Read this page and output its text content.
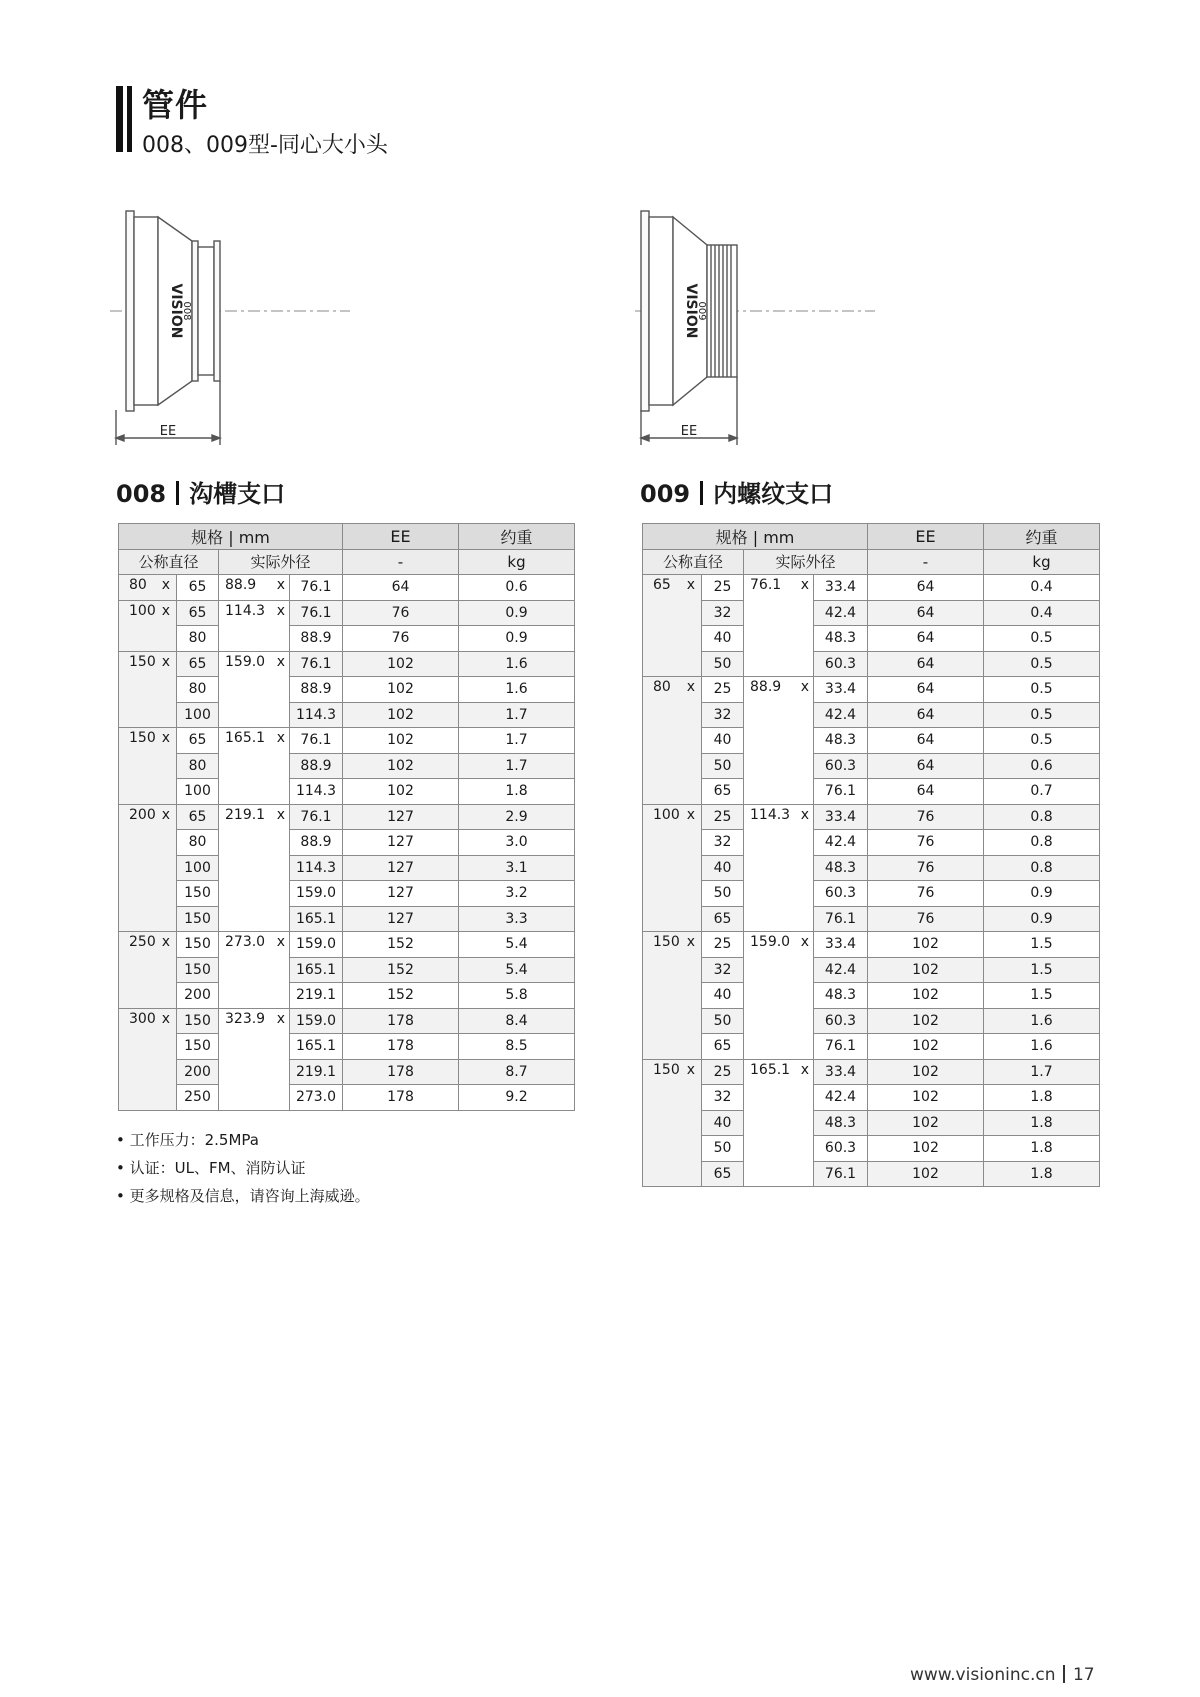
管件
008、009型-同心大小头
VISION
008
EE
VISION
009
EE
008 沟槽支口	009 内螺纹支口
规格 | mm				EE	约重
公称直径		实际外径		-	kg

80 x	65	88.9 x	76.1	64	0.6

100 x	65	114.3 x	76.1	76	0.9
	80		88.9	76	0.9

150 x	65	159.0 x	76.1	102	1.6
	80		88.9	102	1.6
	100		114.3	102	1.7

150 x	65	165.1 x	76.1	102	1.7
	80		88.9	102	1.7
	100		114.3	102	1.8

200 x	65	219.1 x	76.1	127	2.9
	80		88.9	127	3.0
	100		114.3	127	3.1
	150		159.0	127	3.2
	150		165.1	127	3.3

250 x	150	273.0 x	159.0	152	5.4
	150		165.1	152	5.4
	200		219.1	152	5.8

300 x	150	323.9 x	159.0	178	8.4
	150		165.1	178	8.5
	200		219.1	178	8.7
	250		273.0	178	9.2
规格 | mm				EE	约重
公称直径		实际外径		-	kg

65 x	25	76.1 x	33.4	64	0.4
	32		42.4	64	0.4
	40		48.3	64	0.5
	50		60.3	64	0.5

80 x	25	88.9 x	33.4	64	0.5
	32		42.4	64	0.5
	40		48.3	64	0.5
	50		60.3	64	0.6
	65		76.1	64	0.7

100 x	25	114.3 x	33.4	76	0.8
	32		42.4	76	0.8
	40		48.3	76	0.8
	50		60.3	76	0.9
	65		76.1	76	0.9

150 x	25	159.0 x	33.4	102	1.5
	32		42.4	102	1.5
	40		48.3	102	1.5
	50		60.3	102	1.6
	65		76.1	102	1.6

150 x	25	165.1 x	33.4	102	1.7
	32		42.4	102	1.8
	40		48.3	102	1.8
	50		60.3	102	1.8
	65		76.1	102	1.8
• 工作压力：2.5MPa
• 认证：UL、FM、消防认证
• 更多规格及信息，请咨询上海威逊。
www.visioninc.cn 17
